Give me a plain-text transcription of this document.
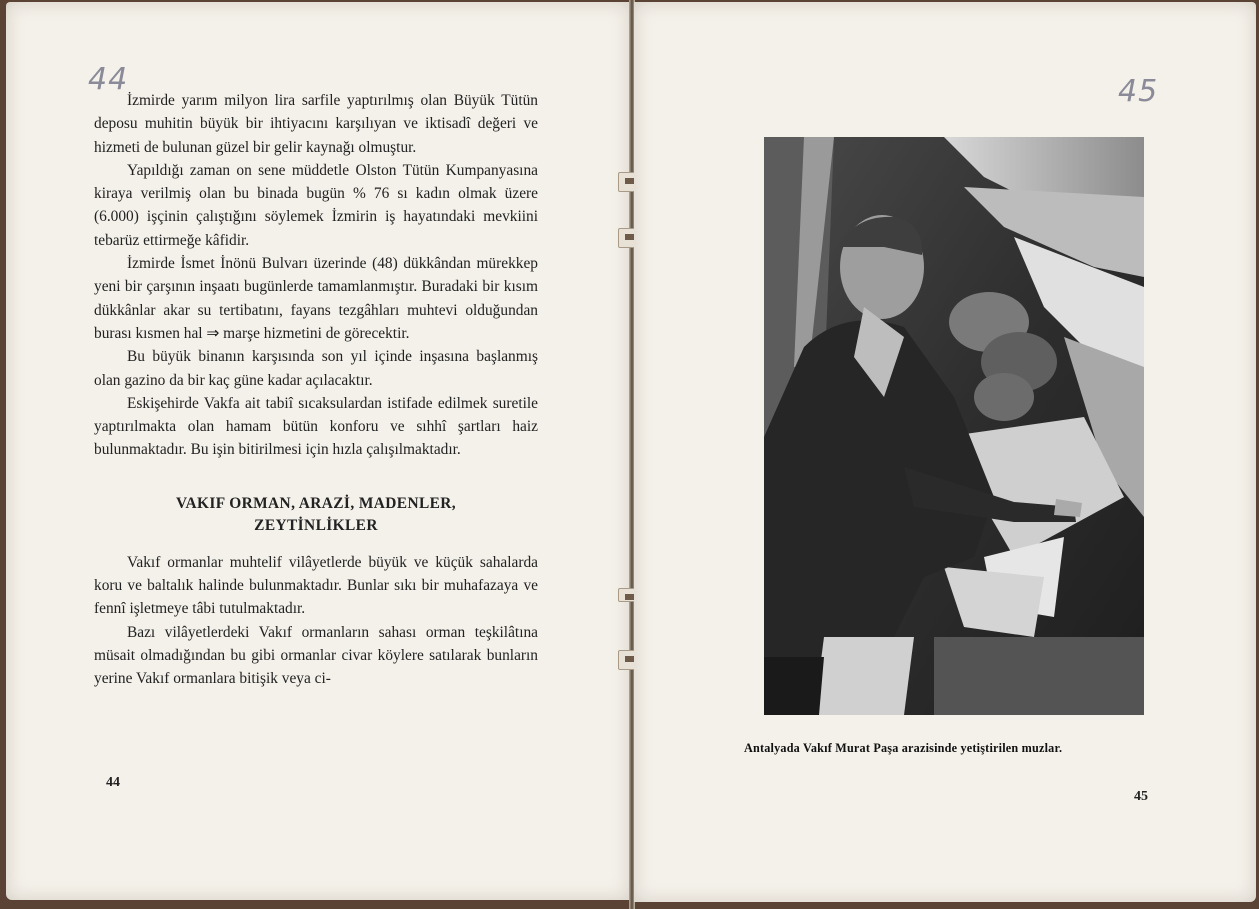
44

İzmirde yarım milyon lira sarfile yaptırılmış olan Büyük Tütün deposu muhitin büyük bir ihtiyacını karşılıyan ve iktisadî değeri ve hizmeti de bulunan güzel bir gelir kaynağı olmuştur.

Yapıldığı zaman on sene müddetle Olston Tütün Kumpanyasına kiraya verilmiş olan bu binada bugün % 76 sı kadın olmak üzere (6.000) işçinin çalıştığını söylemek İzmirin iş hayatındaki mevkiini tebarüz ettirmeğe kâfidir.

İzmirde İsmet İnönü Bulvarı üzerinde (48) dükkândan mürekkep yeni bir çarşının inşaatı bugünlerde tamamlanmıştır. Buradaki bir kısım dükkânlar akar su tertibatını, fayans tezgâhları muhtevi olduğundan burası kısmen hal ⇒ marşe hizmetini de görecektir.

Bu büyük binanın karşısında son yıl içinde inşasına başlanmış olan gazino da bir kaç güne kadar açılacaktır.

Eskişehirde Vakfa ait tabiî sıcaksulardan istifade edilmek suretile yaptırılmakta olan hamam bütün konforu ve sıhhî şartları haiz bulunmaktadır. Bu işin bitirilmesi için hızla çalışılmaktadır.

VAKIF ORMAN, ARAZİ, MADENLER,
ZEYTİNLİKLER

Vakıf ormanlar muhtelif vilâyetlerde büyük ve küçük sahalarda koru ve baltalık halinde bulunmaktadır. Bunlar sıkı bir muhafazaya ve fennî işletmeye tâbi tutulmaktadır.

Bazı vilâyetlerdeki Vakıf ormanların sahası orman teşkilâtına müsait olmadığından bu gibi ormanlar civar köylere satılarak bunların yerine Vakıf ormanlara bitişik veya ci-

44
45
45
Antalyada Vakıf Murat Paşa arazisinde yetiştirilen muzlar.
